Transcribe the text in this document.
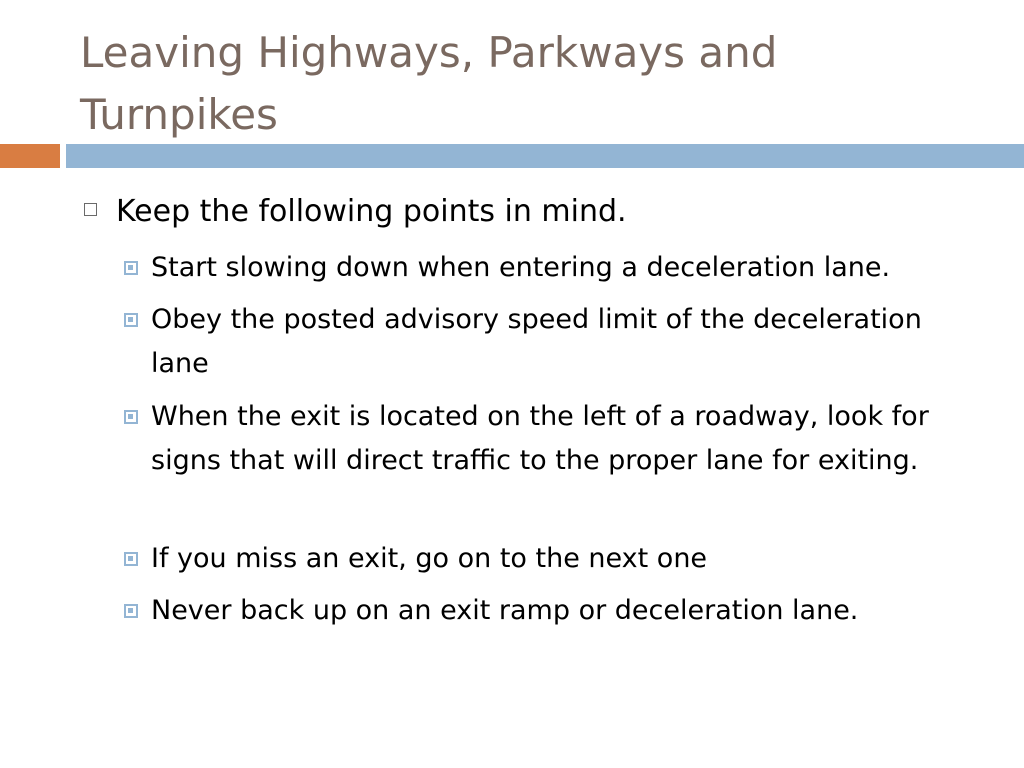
Leaving Highways, Parkways and Turnpikes
Keep the following points in mind.
Start slowing down when entering a deceleration lane.
Obey the posted advisory speed limit of the deceleration lane
When the exit is located on the left of a roadway, look for signs that will direct traffic to the proper lane for exiting.
If you miss an exit, go on to the next one
Never back up on an exit ramp or deceleration lane.
